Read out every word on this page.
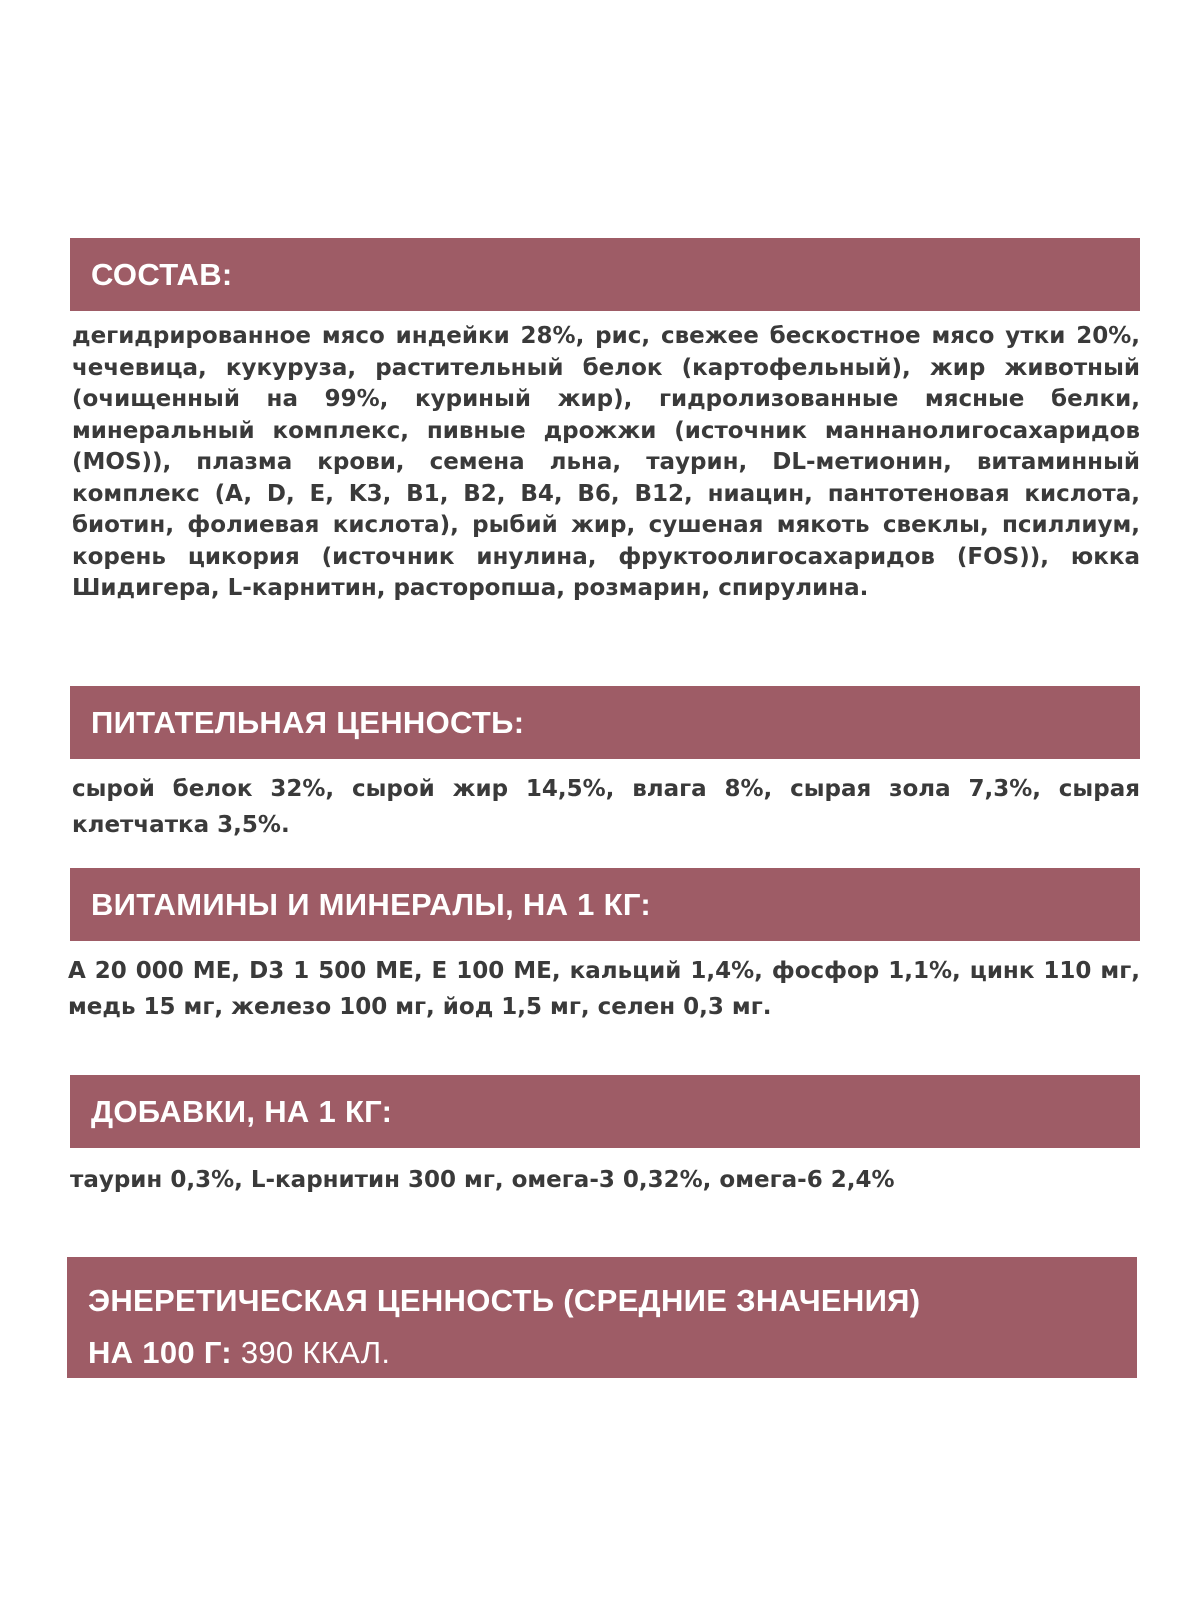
СОСТАВ:
дегидрированное мясо индейки 28%, рис, свежее бескостное мясо утки 20%, чечевица, кукуруза, растительный белок (картофельный), жир животный (очищенный на 99%, куриный жир), гидролизованные мясные белки, минеральный комплекс, пивные дрожжи (источник маннанолигосахаридов (MOS)), плазма крови, семена льна, таурин, DL-метионин, витаминный комплекс (A, D, E, K3, B1, B2, B4, B6, B12, ниацин, пантотеновая кислота, биотин, фолиевая кислота), рыбий жир, сушеная мякоть свеклы, псиллиум, корень цикория (источник инулина, фруктоолигосахаридов (FOS)), юкка Шидигера, L-карнитин, расторопша, розмарин, спирулина.
ПИТАТЕЛЬНАЯ ЦЕННОСТЬ:
сырой белок 32%, сырой жир 14,5%, влага 8%, сырая зола 7,3%, сырая клетчатка 3,5%.
ВИТАМИНЫ И МИНЕРАЛЫ, НА 1 КГ:
А 20 000 МЕ, D3 1 500 МЕ, Е 100 МЕ, кальций 1,4%, фосфор 1,1%, цинк 110 мг, медь 15 мг, железо 100 мг, йод 1,5 мг, селен 0,3 мг.
ДОБАВКИ, НА 1 КГ:
таурин 0,3%, L-карнитин 300 мг, омега-3 0,32%, омега-6 2,4%
ЭНЕРЕТИЧЕСКАЯ ЦЕННОСТЬ (СРЕДНИЕ ЗНАЧЕНИЯ)
НА 100 Г: 390 ККАЛ.
